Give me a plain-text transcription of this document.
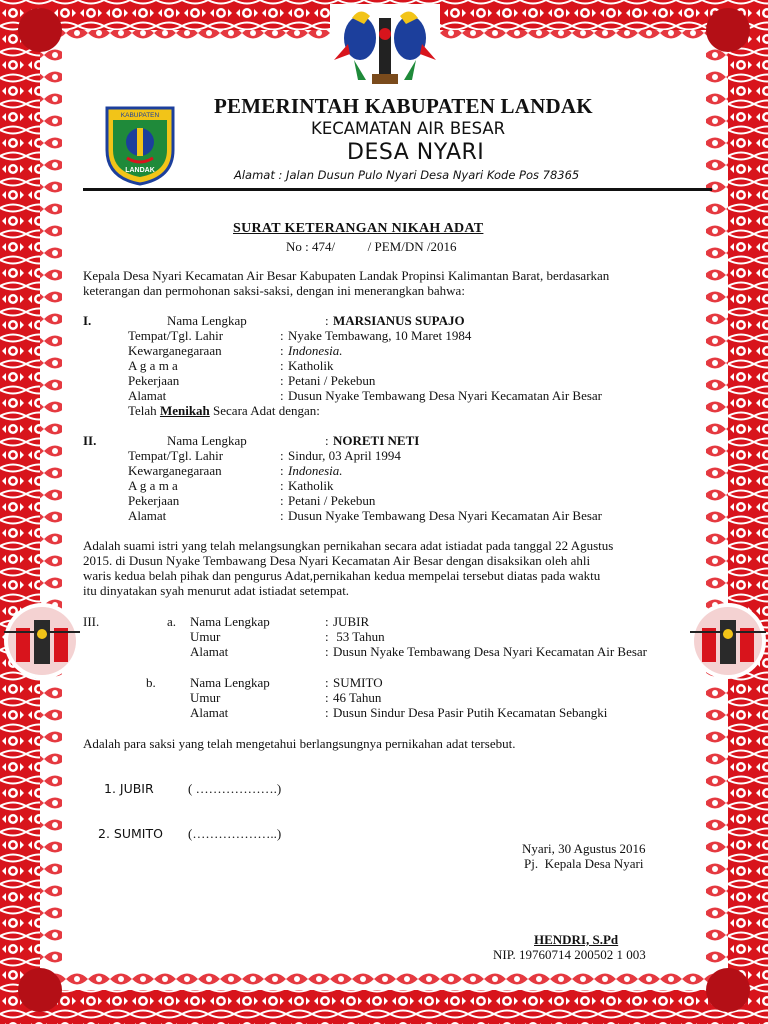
KABUPATEN
LANDAK
PEMERINTAH KABUPATEN LANDAK
KECAMATAN AIR BESAR
DESA NYARI
Alamat : Jalan Dusun Pulo Nyari Desa Nyari Kode Pos 78365
SURAT KETERANGAN NIKAH ADAT
No : 474/          / PEM/DN /2016
Kepala Desa Nyari Kecamatan Air Besar Kabupaten Landak Propinsi Kalimantan Barat, berdasarkan
keterangan dan permohonan saksi-saksi, dengan ini menerangkan bahwa:
I.	Nama Lengkap	: MARSIANUS SUPAJO
Tempat/Tgl. Lahir	: Nyake Tembawang, 10 Maret 1984
Kewarganegaraan	: Indonesia.
A g a m a	: Katholik
Pekerjaan	: Petani / Pekebun
Alamat	: Dusun Nyake Tembawang Desa Nyari Kecamatan Air Besar
Telah Menikah Secara Adat dengan:
II.	Nama Lengkap	: NORETI NETI
Tempat/Tgl. Lahir	: Sindur, 03 April 1994
Kewarganegaraan	: Indonesia.
A g a m a	: Katholik
Pekerjaan	: Petani / Pekebun
Alamat	: Dusun Nyake Tembawang Desa Nyari Kecamatan Air Besar
Adalah suami istri yang telah melangsungkan pernikahan secara adat istiadat pada tanggal 22 Agustus
2015. di Dusun Nyake Tembawang Desa Nyari Kecamatan Air Besar dengan disaksikan oleh ahli
waris kedua belah pihak dan pengurus Adat,pernikahan kedua mempelai tersebut diatas pada waktu
itu dinyatakan syah menurut adat istiadat setempat.
III.	a. Nama Lengkap	: JUBIR
Umur	: 53 Tahun
Alamat	: Dusun Nyake Tembawang Desa Nyari Kecamatan Air Besar
b.	Nama Lengkap	: SUMITO
Umur	: 46 Tahun
Alamat	: Dusun Sindur Desa Pasir Putih Kecamatan Sebangki
Adalah para saksi yang telah mengetahui berlangsungnya pernikahan adat tersebut.
1. JUBIR	( ……………….)
2. SUMITO (………………..)
Nyari, 30 Agustus 2016
Pj.  Kepala Desa Nyari
HENDRI, S.Pd
NIP. 19760714 200502 1 003
